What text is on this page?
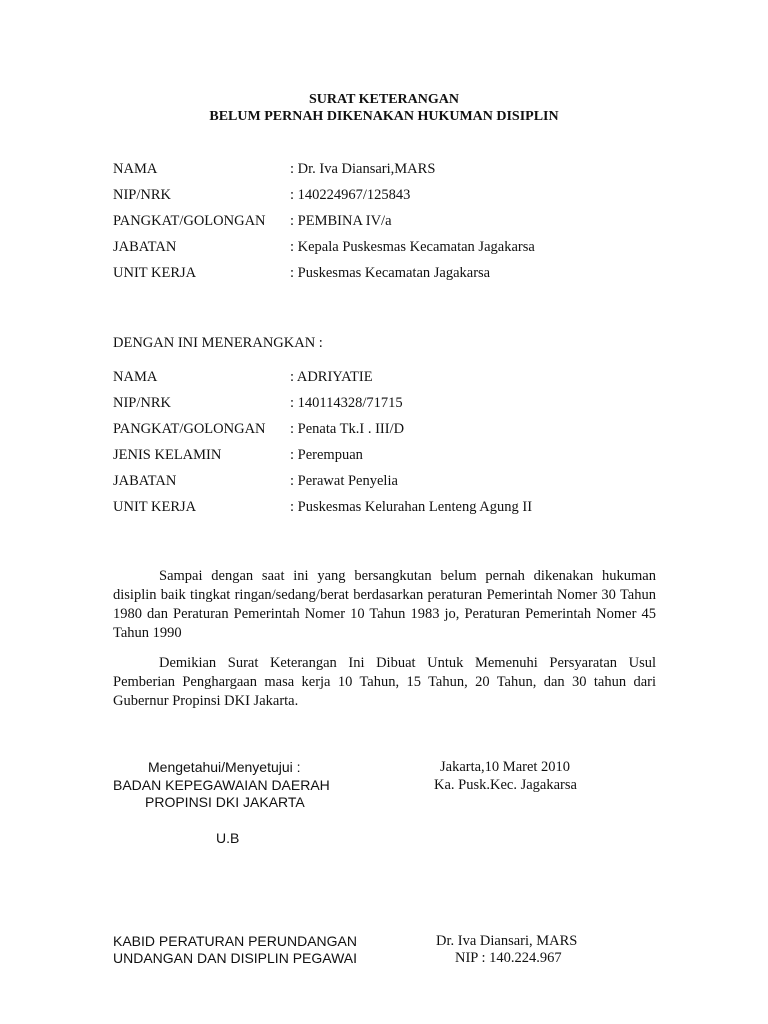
SURAT KETERANGAN
BELUM PERNAH DIKENAKAN HUKUMAN DISIPLIN
NAMA	: Dr. Iva Diansari,MARS
NIP/NRK	: 140224967/125843
PANGKAT/GOLONGAN : PEMBINA IV/a
JABATAN	: Kepala Puskesmas Kecamatan Jagakarsa
UNIT KERJA	: Puskesmas Kecamatan Jagakarsa
DENGAN INI MENERANGKAN :
NAMA	: ADRIYATIE
NIP/NRK	: 140114328/71715
PANGKAT/GOLONGAN : Penata Tk.I . III/D
JENIS KELAMIN	: Perempuan
JABATAN	: Perawat Penyelia
UNIT KERJA	: Puskesmas Kelurahan Lenteng Agung II

Sampai dengan saat ini yang bersangkutan belum pernah dikenakan hukuman disiplin baik tingkat ringan/sedang/berat berdasarkan peraturan Pemerintah Nomer 30 Tahun 1980 dan Peraturan Pemerintah Nomer 10 Tahun 1983 jo, Peraturan Pemerintah Nomer 45 Tahun 1990

Demikian Surat Keterangan Ini Dibuat Untuk Memenuhi Persyaratan Usul Pemberian Penghargaan masa kerja 10 Tahun, 15 Tahun, 20 Tahun, dan 30 tahun dari Gubernur Propinsi DKI Jakarta.

Mengetahui/Menyetujui :
BADAN KEPEGAWAIAN DAERAH
PROPINSI DKI JAKARTA
U.B
KABID PERATURAN PERUNDANGAN
UNDANGAN DAN DISIPLIN PEGAWAI
Jakarta,10 Maret 2010
Ka. Pusk.Kec. Jagakarsa
Dr. Iva Diansari, MARS
NIP : 140.224.967
